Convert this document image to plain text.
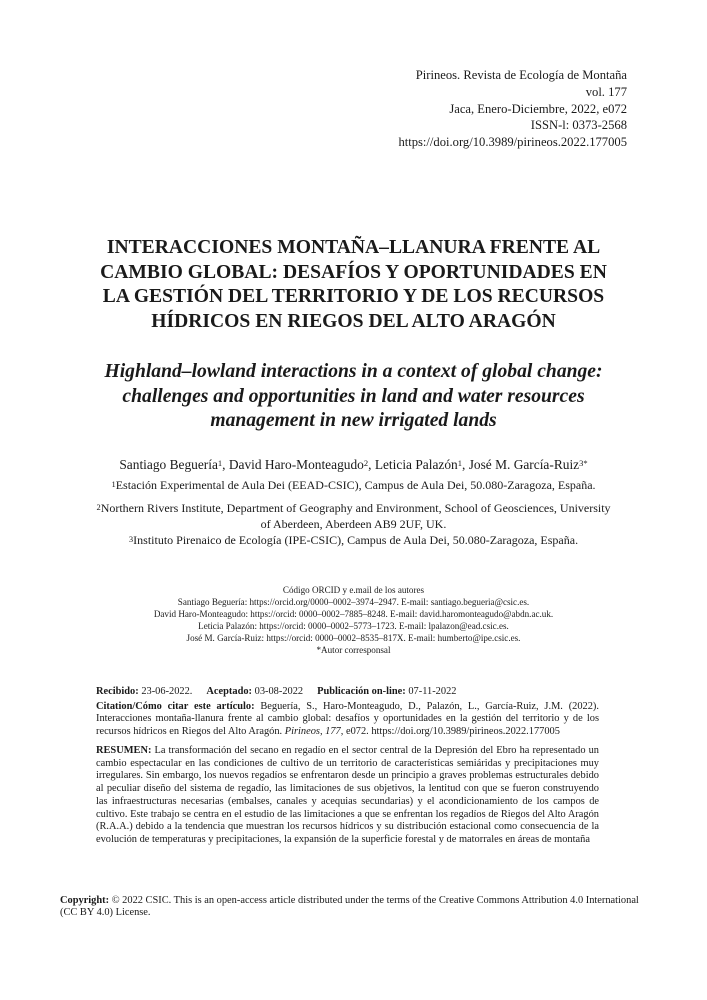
Pirineos. Revista de Ecología de Montaña
vol. 177
Jaca, Enero-Diciembre, 2022, e072
ISSN-l: 0373-2568
https://doi.org/10.3989/pirineos.2022.177005
INTERACCIONES MONTAÑA–LLANURA FRENTE AL
CAMBIO GLOBAL: DESAFÍOS Y OPORTUNIDADES EN
LA GESTIÓN DEL TERRITORIO Y DE LOS RECURSOS
HÍDRICOS EN RIEGOS DEL ALTO ARAGÓN
Highland–lowland interactions in a context of global change:
challenges and opportunities in land and water resources
management in new irrigated lands
Santiago Beguería$^1$, David Haro-Monteagudo$^2$, Leticia Palazón$^1$, José M. García-Ruiz$^{3*}$
$^1$Estación Experimental de Aula Dei (EEAD-CSIC), Campus de Aula Dei, 50.080-Zaragoza, España.
$^2$Northern Rivers Institute, Department of Geography and Environment, School of Geosciences, University of Aberdeen, Aberdeen AB9 2UF, UK.
$^3$Instituto Pirenaico de Ecología (IPE-CSIC), Campus de Aula Dei, 50.080-Zaragoza, España.
Código ORCID y e.mail de los autores
Santiago Beguería: https://orcid.org/0000–0002–3974–2947. E-mail: santiago.begueria@csic.es.
David Haro-Monteagudo: https://orcid: 0000–0002–7885–8248. E-mail: david.haromonteagudo@abdn.ac.uk.
Leticia Palazón: https://orcid: 0000–0002–5773–1723. E-mail: lpalazon@ead.csic.es.
José M. García-Ruiz: https://orcid: 0000–0002–8535–817X. E-mail: humberto@ipe.csic.es.
*Autor corresponsal
Recibido: 23-06-2022. Aceptado: 03-08-2022 Publicación on-line: 07-11-2022
Citation/Cómo citar este artículo: Beguería, S., Haro-Monteagudo, D., Palazón, L., García-Ruiz, J.M. (2022). Interacciones montaña-llanura frente al cambio global: desafíos y oportunidades en la gestión del territorio y de los recursos hídricos en Riegos del Alto Aragón. Pirineos, 177, e072. https://doi.org/10.3989/pirineos.2022.177005
RESUMEN: La transformación del secano en regadío en el sector central de la Depresión del Ebro ha representado un cambio espectacular en las condiciones de cultivo de un territorio de características semiáridas y precipitaciones muy irregulares. Sin embargo, los nuevos regadíos se enfrentaron desde un principio a graves problemas estructurales debido al peculiar diseño del sistema de regadío, las limitaciones de sus objetivos, la lentitud con que se fueron construyendo las infraestructuras necesarias (embalses, canales y acequias secundarias) y el acondicionamiento de los campos de cultivo. Este trabajo se centra en el estudio de las limitaciones a que se enfrentan los regadíos de Riegos del Alto Aragón (R.A.A.) debido a la tendencia que muestran los recursos hídricos y su distribución estacional como consecuencia de la evolución de temperaturas y precipitaciones, la expansión de la superficie forestal y de matorrales en áreas de montaña
Copyright: © 2022 CSIC. This is an open-access article distributed under the terms of the Creative Commons Attribution 4.0 International (CC BY 4.0) License.
